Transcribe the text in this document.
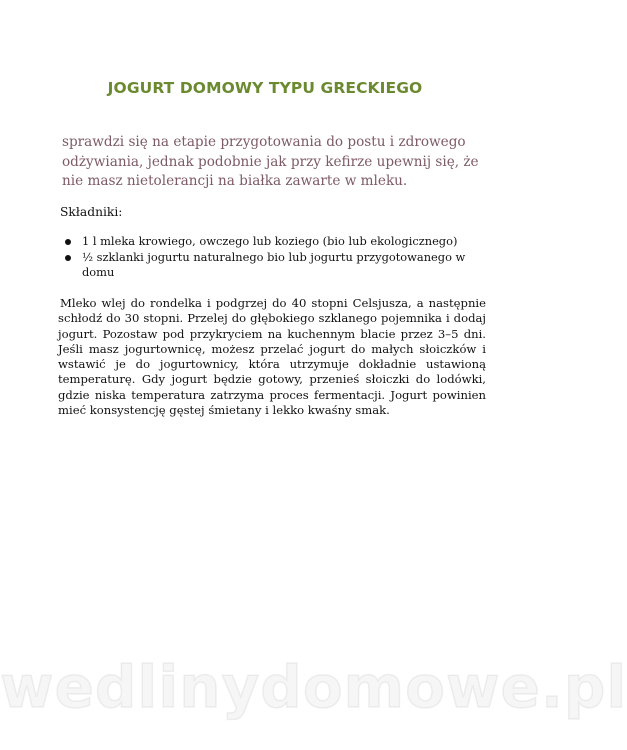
JOGURT DOMOWY TYPU GRECKIEGO

sprawdzi się na etapie przygotowania do postu i zdrowego odżywiania, jednak podobnie jak przy kefirze upewnij się, że nie masz nietolerancji na białka zawarte w mleku.

Składniki:

1 l mleka krowiego, owczego lub koziego (bio lub ekologicznego)
½ szklanki jogurtu naturalnego bio lub jogurtu przygotowanego w domu

Mleko wlej do rondelka i podgrzej do 40 stopni Celsjusza, a następnie schłodź do 30 stopni. Przelej do głębokiego szklanego pojemnika i dodaj jogurt. Pozostaw pod przykryciem na kuchennym blacie przez 3–5 dni. Jeśli masz jogurtownicę, możesz przelać jogurt do małych słoiczków i wstawić je do jogurtownicy, która utrzymuje dokładnie ustawioną temperaturę. Gdy jogurt będzie gotowy, przenieś słoiczki do lodówki, gdzie niska temperatura zatrzyma proces fermentacji. Jogurt powinien mieć konsystencję gęstej śmietany i lekko kwaśny smak.

wedlinydomowe.pl
